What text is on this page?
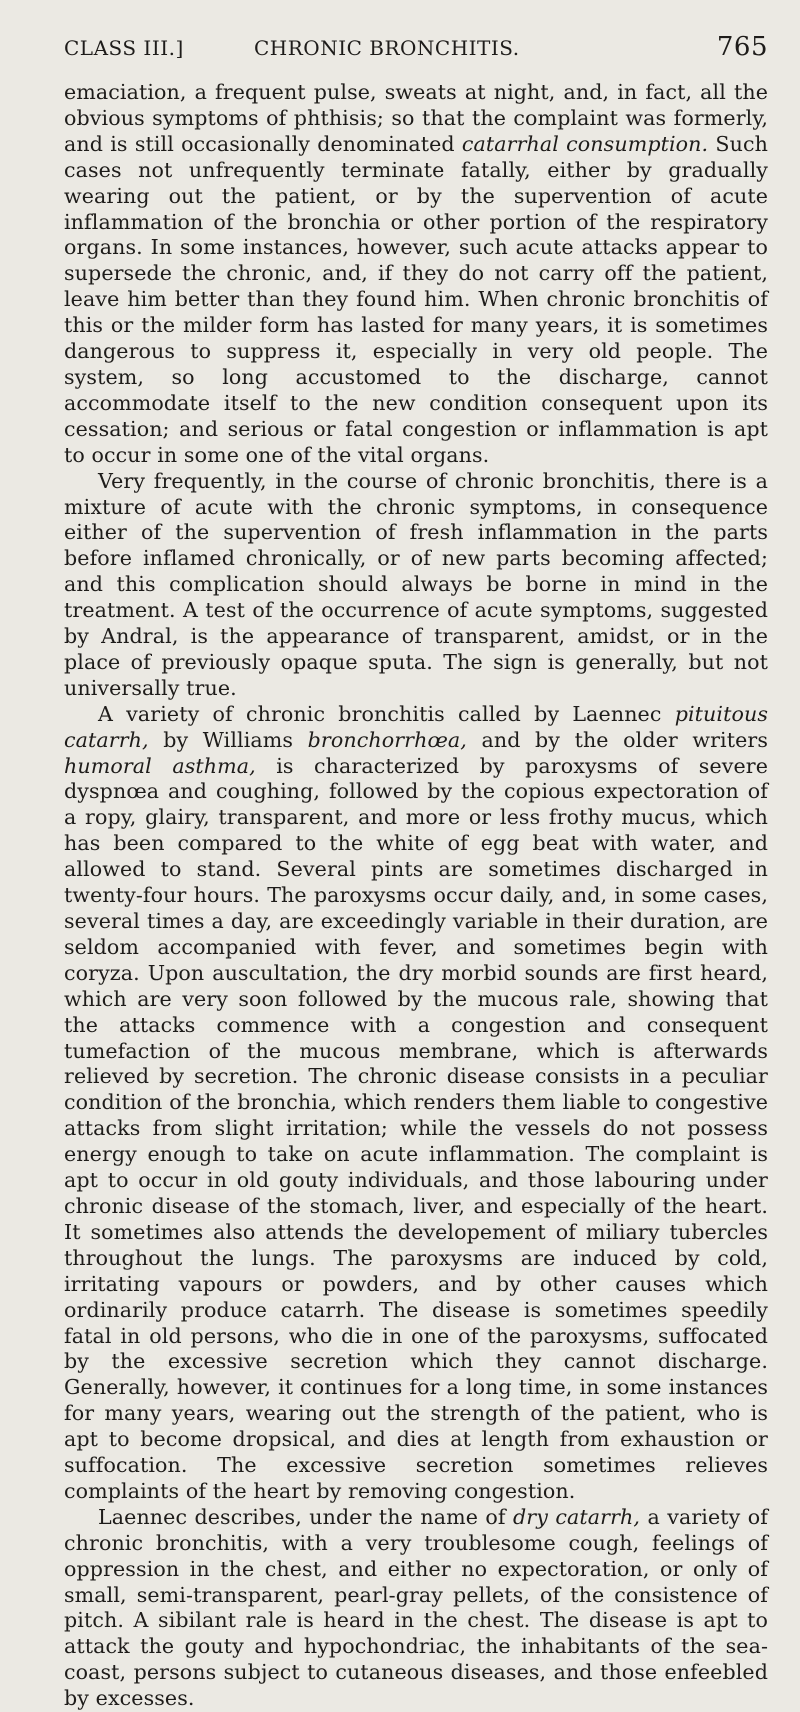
CLASS III.]	CHRONIC BRONCHITIS.	765

emaciation, a frequent pulse, sweats at night, and, in fact, all the obvious symptoms of phthisis; so that the complaint was formerly, and is still occasionally denominated catarrhal consumption. Such cases not unfrequently terminate fatally, either by gradually wearing out the patient, or by the supervention of acute inflammation of the bronchia or other portion of the respiratory organs. In some instances, however, such acute attacks appear to supersede the chronic, and, if they do not carry off the patient, leave him better than they found him. When chronic bronchitis of this or the milder form has lasted for many years, it is sometimes dangerous to suppress it, especially in very old people. The system, so long accustomed to the discharge, cannot accommodate itself to the new condition consequent upon its cessation; and serious or fatal congestion or inflammation is apt to occur in some one of the vital organs.

Very frequently, in the course of chronic bronchitis, there is a mixture of acute with the chronic symptoms, in consequence either of the supervention of fresh inflammation in the parts before inflamed chronically, or of new parts becoming affected; and this complication should always be borne in mind in the treatment. A test of the occurrence of acute symptoms, suggested by Andral, is the appearance of transparent, amidst, or in the place of previously opaque sputa. The sign is generally, but not universally true.

A variety of chronic bronchitis called by Laennec pituitous catarrh, by Williams bronchorrhœa, and by the older writers humoral asthma, is characterized by paroxysms of severe dyspnœa and coughing, followed by the copious expectoration of a ropy, glairy, transparent, and more or less frothy mucus, which has been compared to the white of egg beat with water, and allowed to stand. Several pints are sometimes discharged in twenty-four hours. The paroxysms occur daily, and, in some cases, several times a day, are exceedingly variable in their duration, are seldom accompanied with fever, and sometimes begin with coryza. Upon auscultation, the dry morbid sounds are first heard, which are very soon followed by the mucous rale, showing that the attacks commence with a congestion and consequent tumefaction of the mucous membrane, which is afterwards relieved by secretion. The chronic disease consists in a peculiar condition of the bronchia, which renders them liable to congestive attacks from slight irritation; while the vessels do not possess energy enough to take on acute inflammation. The complaint is apt to occur in old gouty individuals, and those labouring under chronic disease of the stomach, liver, and especially of the heart. It sometimes also attends the developement of miliary tubercles throughout the lungs. The paroxysms are induced by cold, irritating vapours or powders, and by other causes which ordinarily produce catarrh. The disease is sometimes speedily fatal in old persons, who die in one of the paroxysms, suffocated by the excessive secretion which they cannot discharge. Generally, however, it continues for a long time, in some instances for many years, wearing out the strength of the patient, who is apt to become dropsical, and dies at length from exhaustion or suffocation. The excessive secretion sometimes relieves complaints of the heart by removing congestion.

Laennec describes, under the name of dry catarrh, a variety of chronic bronchitis, with a very troublesome cough, feelings of oppression in the chest, and either no expectoration, or only of small, semi-transparent, pearl-gray pellets, of the consistence of pitch. A sibilant rale is heard in the chest. The disease is apt to attack the gouty and hypochondriac, the inhabitants of the sea-coast, persons subject to cutaneous diseases, and those enfeebled by excesses.
